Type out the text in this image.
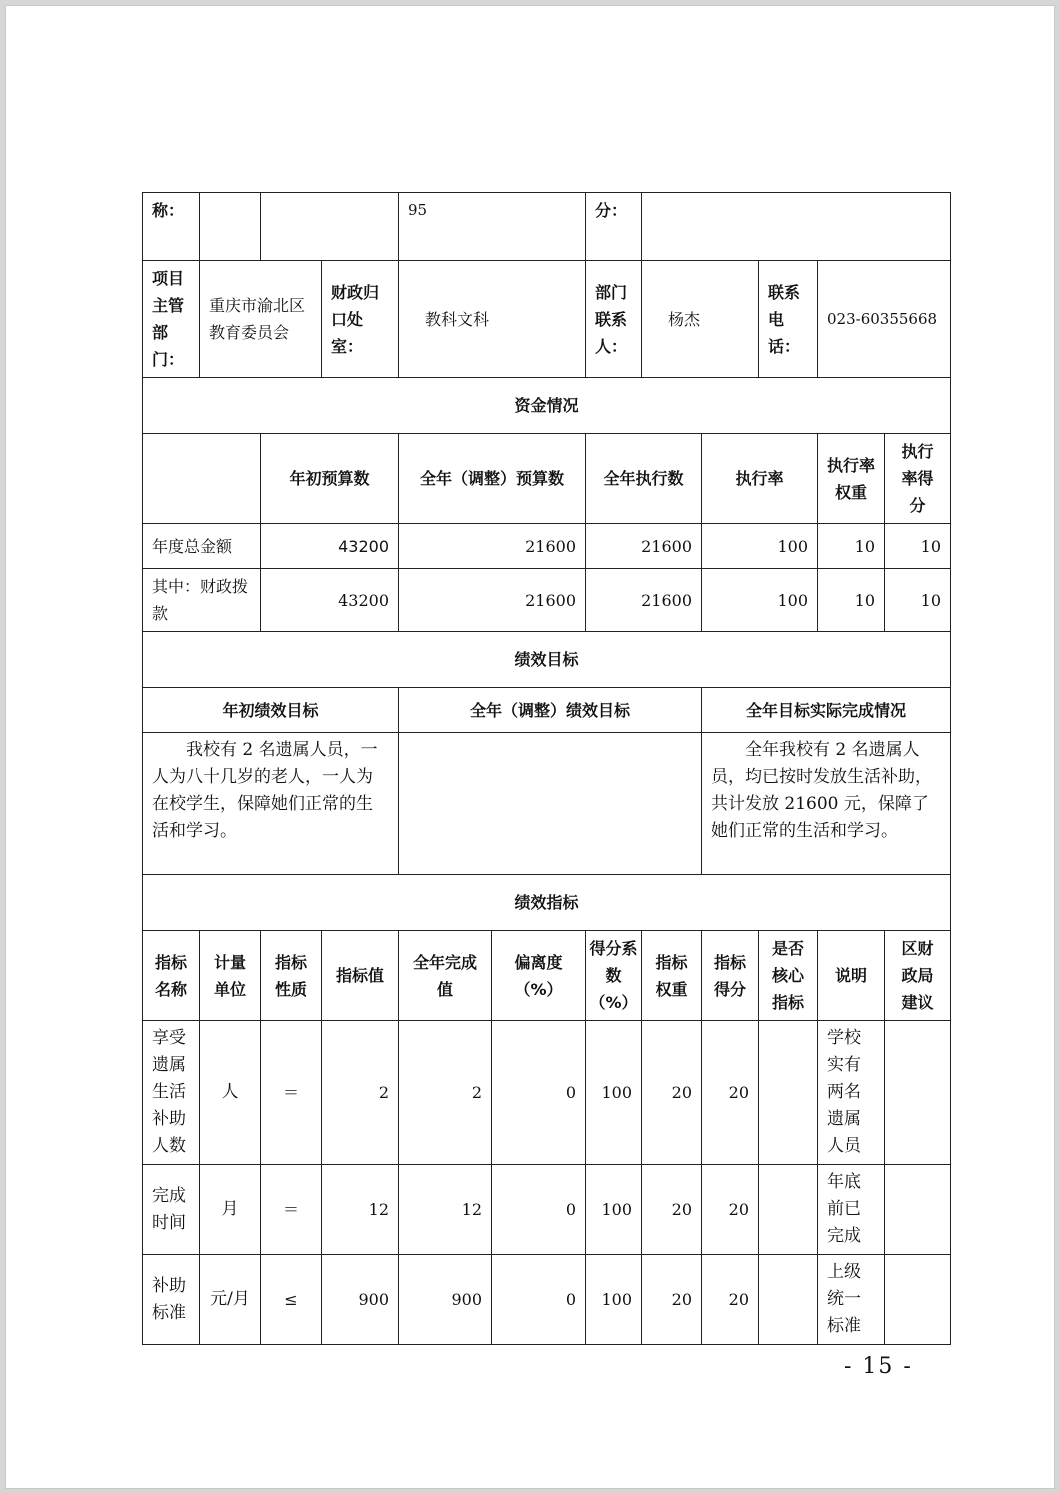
称：				95		分：					
项目主管部门：	重庆市渝北区教育委员会		财政归口处室：	教科文科		部门联系人：	杨杰		联系电话：	023-60355668	
资金情况											
		年初预算数		全年（调整）预算数		全年执行数		执行率		执行率权重	执行率得分
年度总金额		43200		21600		21600		100		10	10
其中：财政拨款		43200		21600		21600		100		10	10
绩效目标											
年初绩效目标				全年（调整）绩效目标				全年目标实际完成情况			
我校有 2 名遗属人员，一人为八十几岁的老人，一人为在校学生，保障她们正常的生活和学习。								全年我校有 2 名遗属人员，均已按时发放生活补助，共计发放 21600 元，保障了她们正常的生活和学习。			
绩效指标											
指标名称	计量单位	指标性质	指标值	全年完成值	偏离度（%）	得分系数（%）	指标权重	指标得分	是否核心指标	说明	区财政局建议
享受遗属生活补助人数	人	＝	2	2	0	100	20	20		学校实有两名遗属人员	
完成时间	月	＝	12	12	0	100	20	20		年底前已完成	
补助标准	元/月	≤	900	900	0	100	20	20		上级统一标准	
- 15 -
